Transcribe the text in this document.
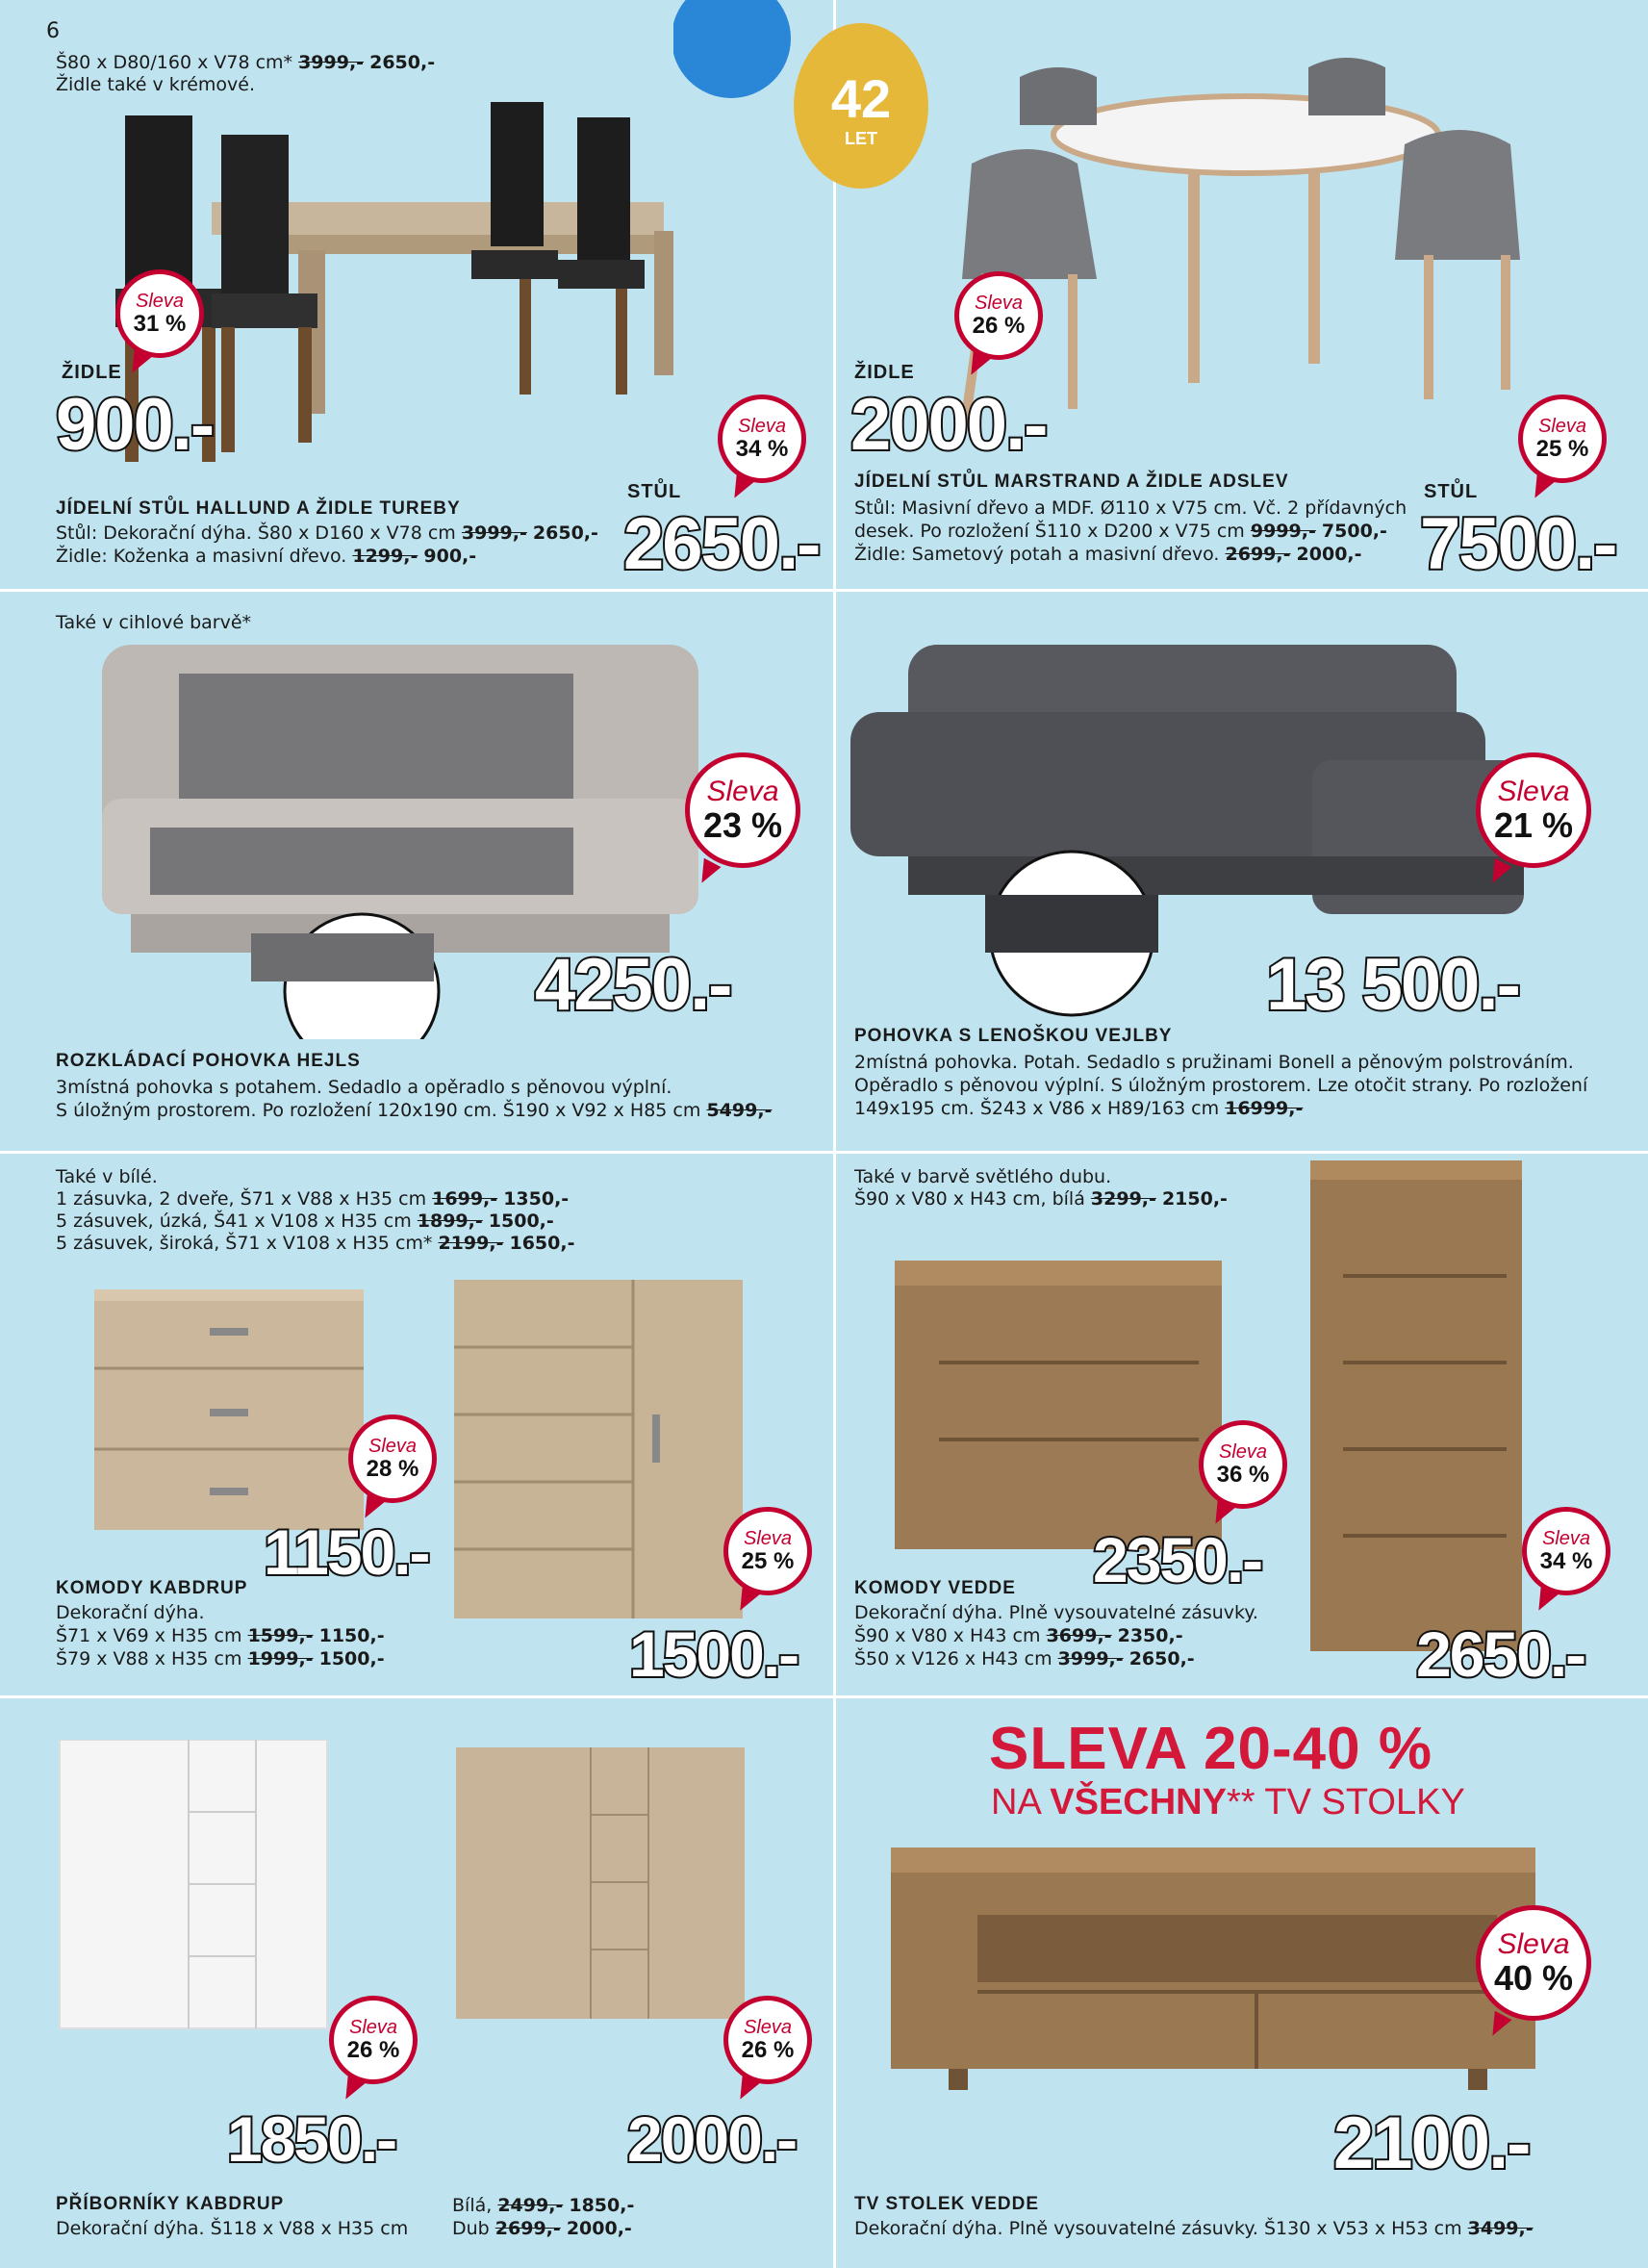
6
Š80 x D80/160 x V78 cm* 3999,- 2650,-
Židle také v krémové.
Sleva
31 %
ŽIDLE
900.-	Sleva
34 %
STŮL
2650.-
JÍDELNÍ STŮL HALLUND A ŽIDLE TUREBY
Stůl: Dekorační dýha. Š80 x D160 x V78 cm 3999,- 2650,-
Židle: Koženka a masivní dřevo. 1299,- 900,-
42
LET
Sleva
26 %
ŽIDLE
2000.-	Sleva
25 %
STŮL
7500.-
JÍDELNÍ STŮL MARSTRAND A ŽIDLE ADSLEV
Stůl: Masivní dřevo a MDF. Ø110 x V75 cm. Vč. 2 přídavných
desek. Po rozložení Š110 x D200 x V75 cm 9999,- 7500,-
Židle: Sametový potah a masivní dřevo. 2699,- 2000,-
Také v cihlové barvě*
Sleva
23 %
4250.-
ROZKLÁDACÍ POHOVKA HEJLS
3místná pohovka s potahem. Sedadlo a opěradlo s pěnovou výplní.
S úložným prostorem. Po rozložení 120x190 cm. Š190 x V92 x H85 cm 5499,-
Sleva
21 %
13 500.-
POHOVKA S LENOŠKOU VEJLBY
2místná pohovka. Potah. Sedadlo s pružinami Bonell a pěnovým polstrováním.
Opěradlo s pěnovou výplní. S úložným prostorem. Lze otočit strany. Po rozložení
149x195 cm. Š243 x V86 x H89/163 cm 16999,-
Také v bílé.
1 zásuvka, 2 dveře, Š71 x V88 x H35 cm 1699,- 1350,-
5 zásuvek, úzká, Š41 x V108 x H35 cm 1899,- 1500,-
5 zásuvek, široká, Š71 x V108 x H35 cm* 2199,- 1650,-
Sleva
28 %
1150.-	Sleva
25 %
1500.-
KOMODY KABDRUP
Dekorační dýha.
Š71 x V69 x H35 cm 1599,- 1150,-
Š79 x V88 x H35 cm 1999,- 1500,-
Také v barvě světlého dubu.
Š90 x V80 x H43 cm, bílá 3299,- 2150,-
Sleva
36 %
2350.-	Sleva
34 %
2650.-
KOMODY VEDDE
Dekorační dýha. Plně vysouvatelné zásuvky.
Š90 x V80 x H43 cm 3699,- 2350,-
Š50 x V126 x H43 cm 3999,- 2650,-
Sleva
26 %
1850.-
Sleva
26 %
2000.-
PŘÍBORNÍKY KABDRUP
Dekorační dýha. Š118 x V88 x H35 cm
Bílá, 2499,- 1850,-
Dub 2699,- 2000,-
SLEVA 20-40 %
NA VŠECHNY** TV STOLKY
Sleva
40 %
2100.-
TV STOLEK VEDDE
Dekorační dýha. Plně vysouvatelné zásuvky. Š130 x V53 x H53 cm 3499,-
